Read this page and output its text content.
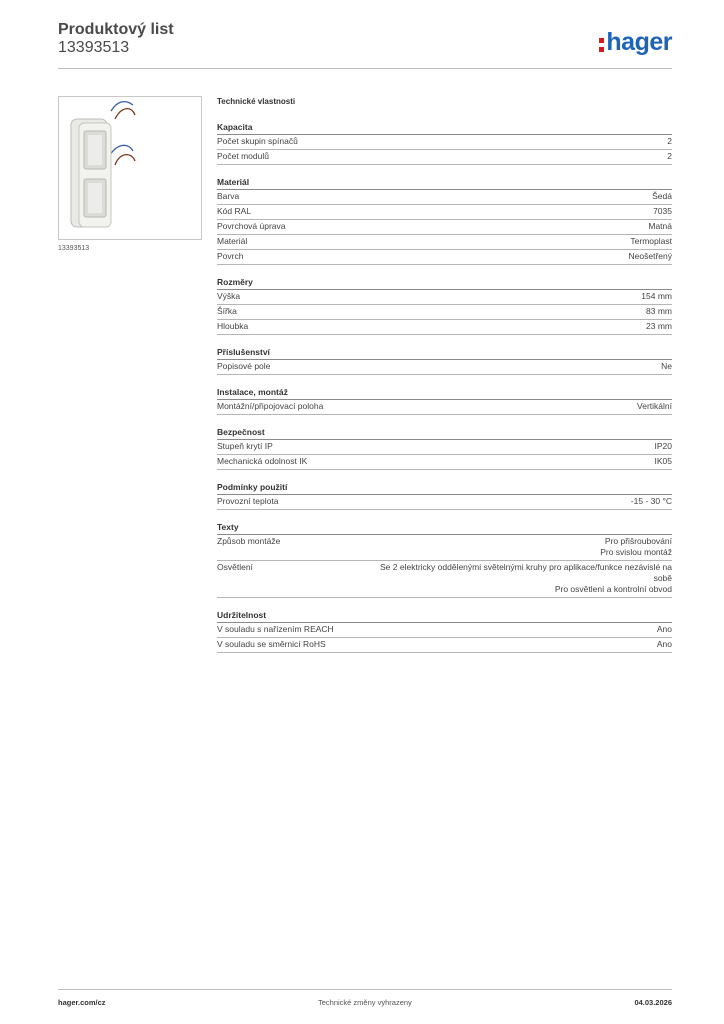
Produktový list
13393513	hager
13393513
Technické vlastnosti
Kapacita
Počet skupin spínačů	2
Počet modulů	2
Materiál
Barva	Šedá
Kód RAL	7035
Povrchová úprava	Matná
Materiál	Termoplast
Povrch	Neošetřený
Rozměry
Výška	154 mm
Šířka	83 mm
Hloubka	23 mm
Příslušenství
Popisové pole	Ne
Instalace, montáž
Montážní/připojovací poloha	Vertikální
Bezpečnost
Stupeň krytí IP	IP20
Mechanická odolnost IK	IK05
Podmínky použití
Provozní teplota	-15 - 30 °C
Texty
Způsob montáže	Pro přišroubování
Pro svislou montáž
Osvětlení	Se 2 elektricky oddělenými světelnými kruhy pro aplikace/funkce nezávislé na
sobě
Pro osvětlení a kontrolní obvod
Udržitelnost
V souladu s nařízením REACH	Ano
V souladu se směrnicí RoHS	Ano
hager.com/cz	Technické změny vyhrazeny	04.03.2026
